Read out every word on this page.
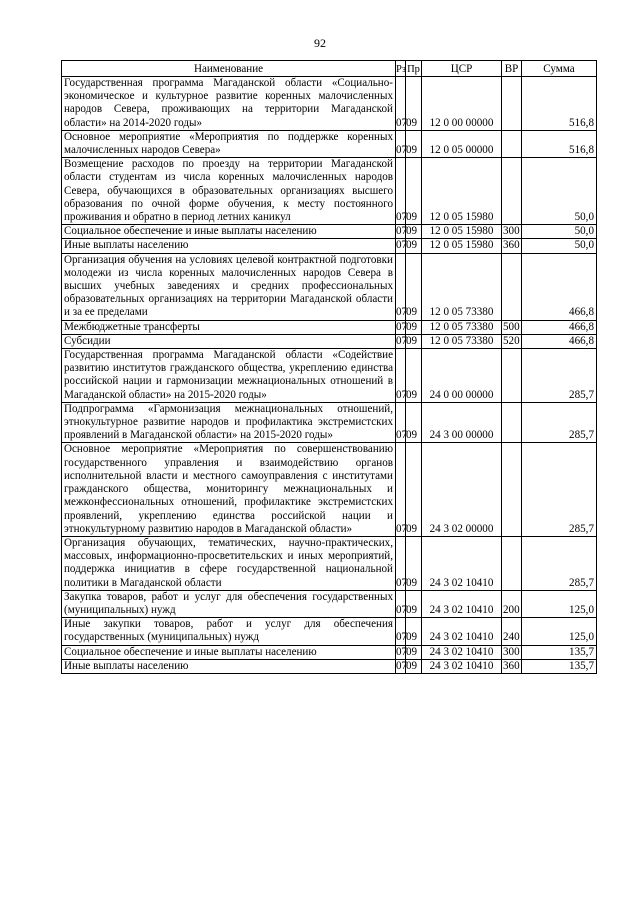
92
Наименование	Рз	Пр	ЦСР	ВР	Сумма
Государственная программа Магаданской области «Социально-экономическое и культурное развитие коренных малочисленных народов Севера, проживающих на территории Магаданской области» на 2014-2020 годы»	07	09	12 0 00 00000		516,8
Основное мероприятие «Мероприятия по поддержке коренных малочисленных народов Севера»	07	09	12 0 05 00000		516,8
Возмещение расходов по проезду на территории Магаданской области студентам из числа коренных малочисленных народов Севера, обучающихся в образовательных организациях высшего образования по очной форме обучения, к месту постоянного проживания и обратно в период летних каникул	07	09	12 0 05 15980		50,0
Социальное обеспечение и иные выплаты населению	07	09	12 0 05 15980	300	50,0
Иные выплаты населению	07	09	12 0 05 15980	360	50,0
Организация обучения на условиях целевой контрактной подготовки молодежи из числа коренных малочисленных народов Севера в высших учебных заведениях и средних профессиональных образовательных организациях на территории Магаданской области и за ее пределами	07	09	12 0 05 73380		466,8
Межбюджетные трансферты	07	09	12 0 05 73380	500	466,8
Субсидии	07	09	12 0 05 73380	520	466,8
Государственная программа Магаданской области «Содействие развитию институтов гражданского общества, укреплению единства российской нации и гармонизации межнациональных отношений в Магаданской области» на 2015-2020 годы»	07	09	24 0 00 00000		285,7
Подпрограмма «Гармонизация межнациональных отношений, этнокультурное развитие народов и профилактика экстремистских проявлений в Магаданской области» на 2015-2020 годы»	07	09	24 3 00 00000		285,7
Основное мероприятие «Мероприятия по совершенствованию государственного управления и взаимодействию органов исполнительной власти и местного самоуправления с институтами гражданского общества, мониторингу межнациональных и межконфессиональных отношений, профилактике экстремистских проявлений, укреплению единства российской нации и этнокультурному развитию народов в Магаданской области»	07	09	24 3 02 00000		285,7
Организация обучающих, тематических, научно-практических, массовых, информационно-просветительских и иных мероприятий, поддержка инициатив в сфере государственной национальной политики в Магаданской области	07	09	24 3 02 10410		285,7
Закупка товаров, работ и услуг для обеспечения государственных (муниципальных) нужд	07	09	24 3 02 10410	200	125,0
Иные закупки товаров, работ и услуг для обеспечения государственных (муниципальных) нужд	07	09	24 3 02 10410	240	125,0
Социальное обеспечение и иные выплаты населению	07	09	24 3 02 10410	300	135,7
Иные выплаты населению	07	09	24 3 02 10410	360	135,7
